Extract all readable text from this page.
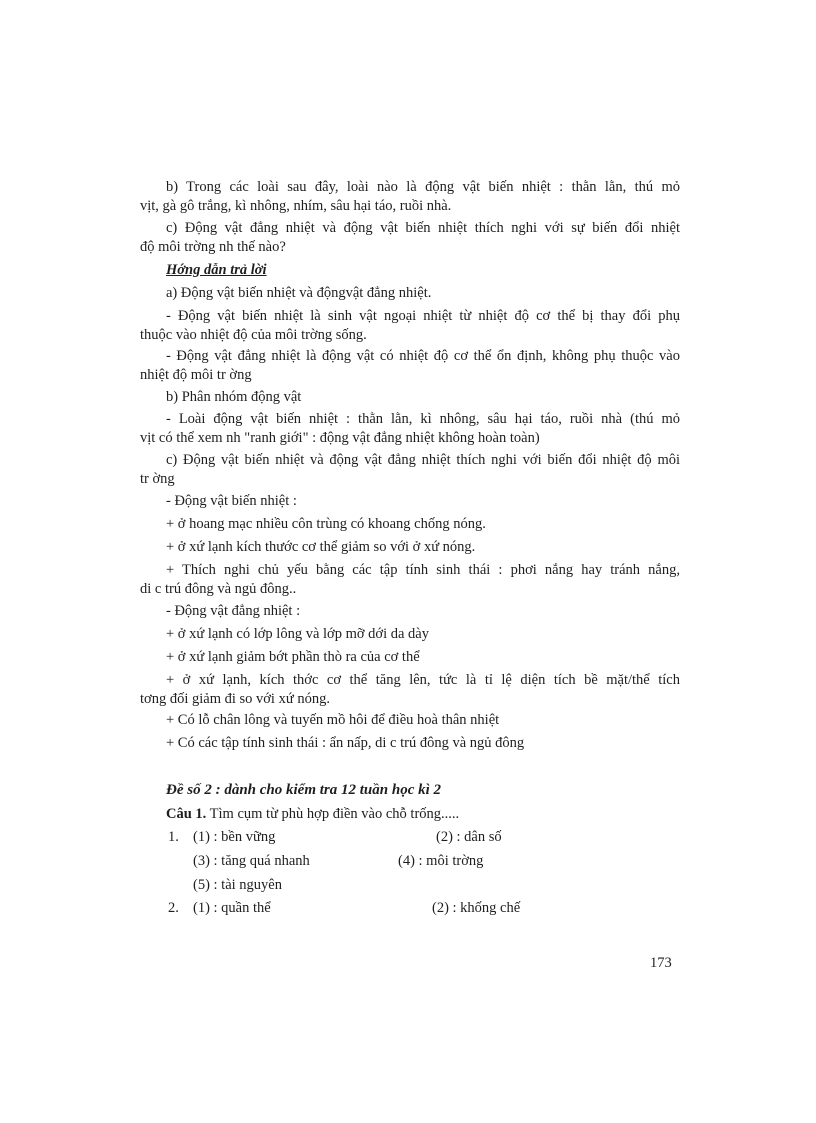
b) Trong các loài sau đây, loài nào là động vật biến nhiệt : thằn lằn, thú mỏ

vịt, gà gô trắng, kì nhông, nhím, sâu hại táo, ruồi nhà.

c) Động vật đẳng nhiệt và động vật biến nhiệt thích nghi với sự biến đổi nhiệt

độ môi trờng nh thế nào?

Hớng dẫn trả lời

a) Động vật biến nhiệt và độngvật đẳng nhiệt.

- Động vật biến nhiệt là sinh vật ngoại nhiệt từ nhiệt độ cơ thể bị thay đổi phụ

thuộc vào nhiệt độ của môi trờng sống.

- Động vật đẳng nhiệt là động vật có nhiệt độ cơ thể ổn định, không phụ thuộc vào

nhiệt độ môi tr ờng

b) Phân nhóm động vật

- Loài động vật biến nhiệt : thằn lằn, kì nhông, sâu hại táo, ruồi nhà (thú mỏ

vịt có thể xem nh "ranh giới" : động vật đẳng nhiệt không hoàn toàn)

c) Động vật biến nhiệt và động vật đẳng nhiệt thích nghi với biến đổi nhiệt độ môi

tr ờng

- Động vật biến nhiệt :

+ ở hoang mạc nhiều côn trùng có khoang chống nóng.

+ ở xứ lạnh kích thước cơ thể giảm so với ở xứ nóng.

+ Thích nghi chủ yếu bằng các tập tính sinh thái : phơi nắng hay tránh nắng,

di c trú đông và ngủ đông..

- Động vật đẳng nhiệt :

+ ở xứ lạnh có lớp lông và lớp mỡ dới da dày

+ ở xứ lạnh giảm bớt phần thò ra của cơ thể

+ ở xứ lạnh, kích thớc cơ thể tăng lên, tức là tỉ lệ diện tích bề mặt/thể tích

tơng đối giảm đi so với xứ nóng.

+ Có lỗ chân lông và tuyến mồ hôi để điều hoà thân nhiệt

+ Có các tập tính sinh thái : ẩn nấp, di c trú đông và ngủ đông

Đề số 2 : dành cho kiểm tra 12 tuần học kì 2

Câu 1. Tìm cụm từ phù hợp điền vào chỗ trống.....

1. (1) : bền vững	(2) : dân số
(3) : tăng quá nhanh	(4) : môi trờng
(5) : tài nguyên
2. (1) : quần thể	(2) : khống chế
173
